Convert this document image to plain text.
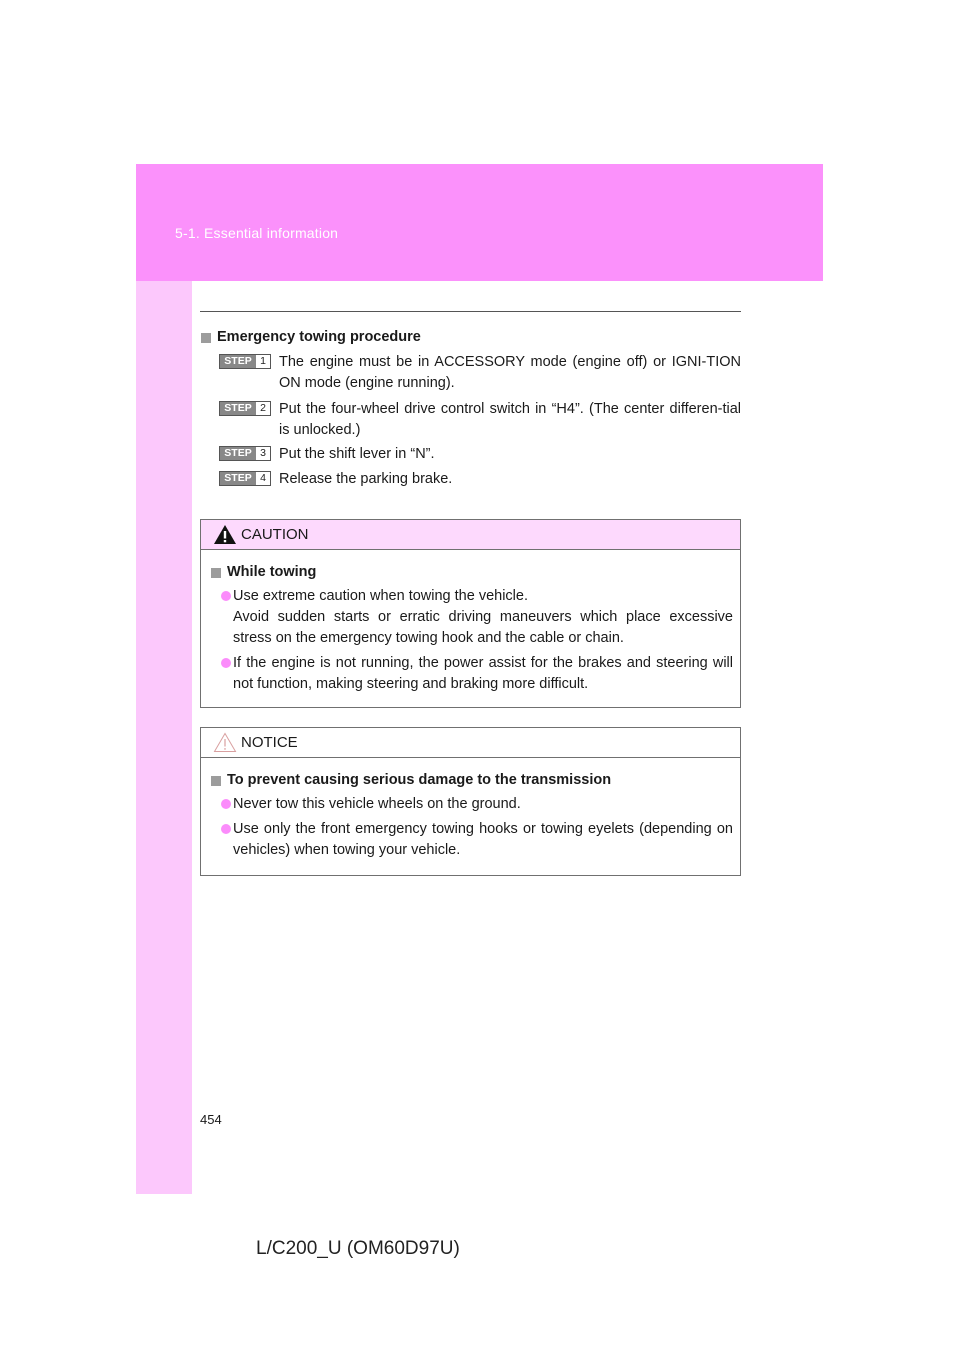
5-1. Essential information
Emergency towing procedure
STEP 1 The engine must be in ACCESSORY mode (engine off) or IGNI-TION ON mode (engine running).
STEP 2 Put the four-wheel drive control switch in “H4”. (The center differen-tial is unlocked.)
STEP 3 Put the shift lever in “N”.
STEP 4 Release the parking brake.
CAUTION
While towing
Use extreme caution when towing the vehicle.
Avoid sudden starts or erratic driving maneuvers which place excessive stress on the emergency towing hook and the cable or chain.
If the engine is not running, the power assist for the brakes and steering will not function, making steering and braking more difficult.
NOTICE
To prevent causing serious damage to the transmission
Never tow this vehicle wheels on the ground.
Use only the front emergency towing hooks or towing eyelets (depending on vehicles) when towing your vehicle.
454
L/C200_U (OM60D97U)
